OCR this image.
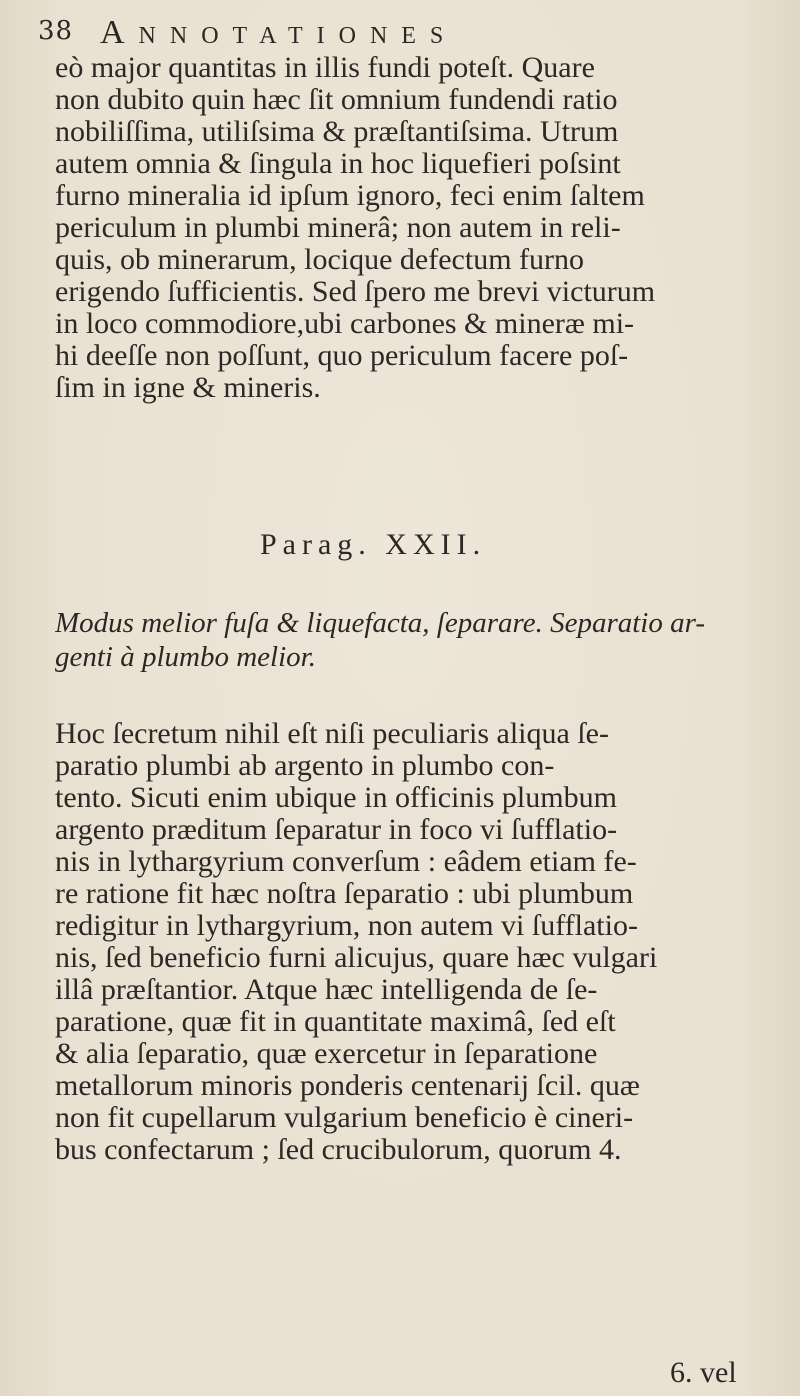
38 Annotationes

eò major quantitas in illis fundi poteſt. Quare

non dubito quin hæc ſit omnium fundendi ratio

nobiliſſima, utiliſsima & præſtantiſsima. Utrum

autem omnia & ſingula in hoc liquefieri poſsint

furno mineralia id ipſum ignoro, feci enim ſaltem

periculum in plumbi minerâ; non autem in reli-

quis, ob minerarum, locique defectum furno

erigendo ſufficientis. Sed ſpero me brevi victurum

in loco commodiore,ubi carbones & mineræ mi-

hi deeſſe non poſſunt, quo periculum facere poſ-

ſim in igne & mineris.

Parag. XXII.

Modus melior fuſa & liquefacta, ſeparare. Separatio ar-

genti à plumbo melior.

Hoc ſecretum nihil eſt niſi peculiaris aliqua ſe-

paratio plumbi ab argento in plumbo con-

tento. Sicuti enim ubique in officinis plumbum

argento præditum ſeparatur in foco vi ſufflatio-

nis in lythargyrium converſum : eâdem etiam fe-

re ratione fit hæc noſtra ſeparatio : ubi plumbum

redigitur in lythargyrium, non autem vi ſufflatio-

nis, ſed beneficio furni alicujus, quare hæc vulgari

illâ præſtantior. Atque hæc intelligenda de ſe-

paratione, quæ fit in quantitate maximâ, ſed eſt

& alia ſeparatio, quæ exercetur in ſeparatione

metallorum minoris ponderis centenarij ſcil. quæ

non fit cupellarum vulgarium beneficio è cineri-

bus confectarum ; ſed crucibulorum, quorum 4.

6. vel
